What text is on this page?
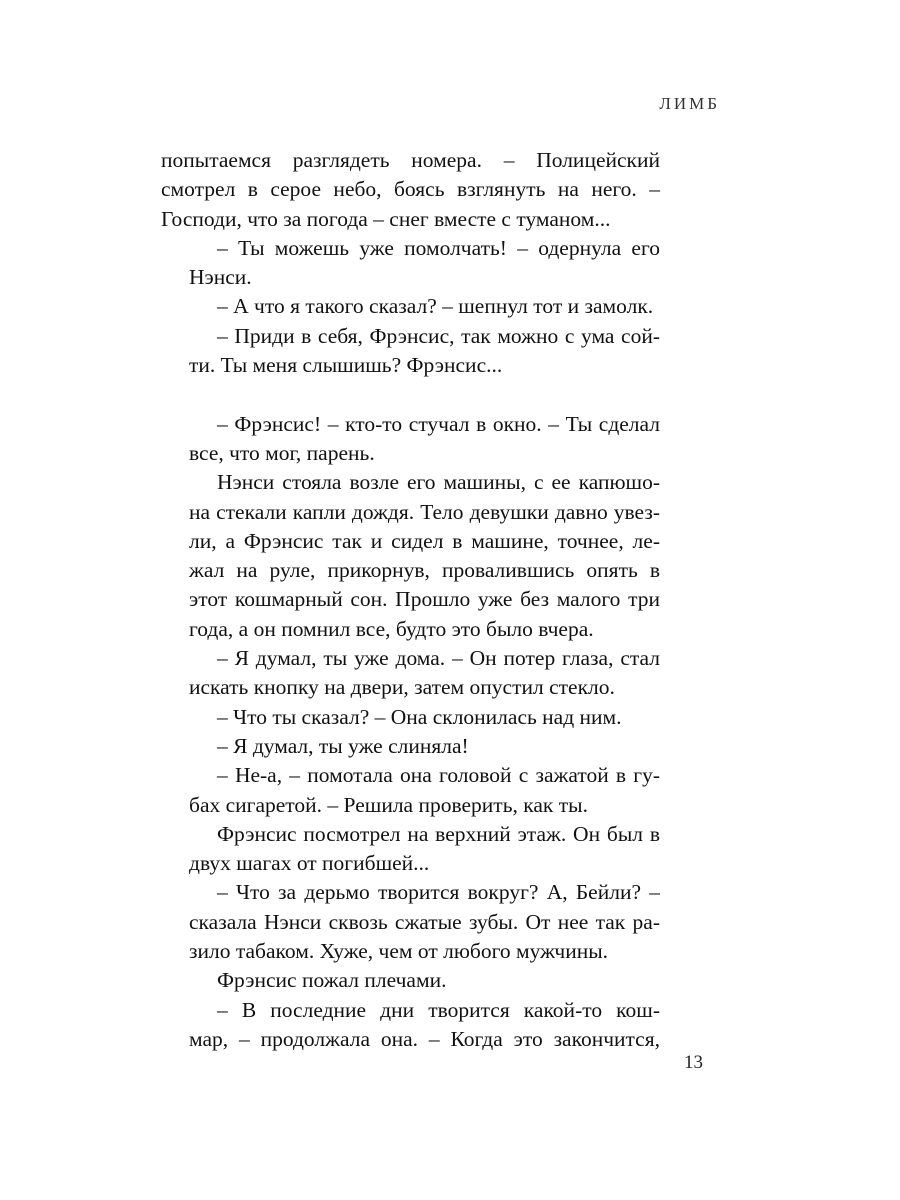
ЛИМБ

попытаемся разглядеть номера. – Полицейский
смотрел в серое небо, боясь взглянуть на него. –
Господи, что за погода – снег вместе с туманом...

– Ты можешь уже помолчать! – одернула его
Нэнси.

– А что я такого сказал? – шепнул тот и замолк.

– Приди в себя, Фрэнсис, так можно с ума сой-
ти. Ты меня слышишь? Фрэнсис...

– Фрэнсис! – кто-то стучал в окно. – Ты сделал
все, что мог, парень.

Нэнси стояла возле его машины, с ее капюшо-
на стекали капли дождя. Тело девушки давно увез-
ли, а Фрэнсис так и сидел в машине, точнее, ле-
жал на руле, прикорнув, провалившись опять в
этот кошмарный сон. Прошло уже без малого три
года, а он помнил все, будто это было вчера.

– Я думал, ты уже дома. – Он потер глаза, стал
искать кнопку на двери, затем опустил стекло.

– Что ты сказал? – Она склонилась над ним.

– Я думал, ты уже слиняла!

– Не-а, – помотала она головой с зажатой в гу-
бах сигаретой. – Решила проверить, как ты.

Фрэнсис посмотрел на верхний этаж. Он был в
двух шагах от погибшей...

– Что за дерьмо творится вокруг? А, Бейли? –
сказала Нэнси сквозь сжатые зубы. От нее так ра-
зило табаком. Хуже, чем от любого мужчины.

Фрэнсис пожал плечами.

– В последние дни творится какой-то кош-
мар, – продолжала она. – Когда это закончится,

13
